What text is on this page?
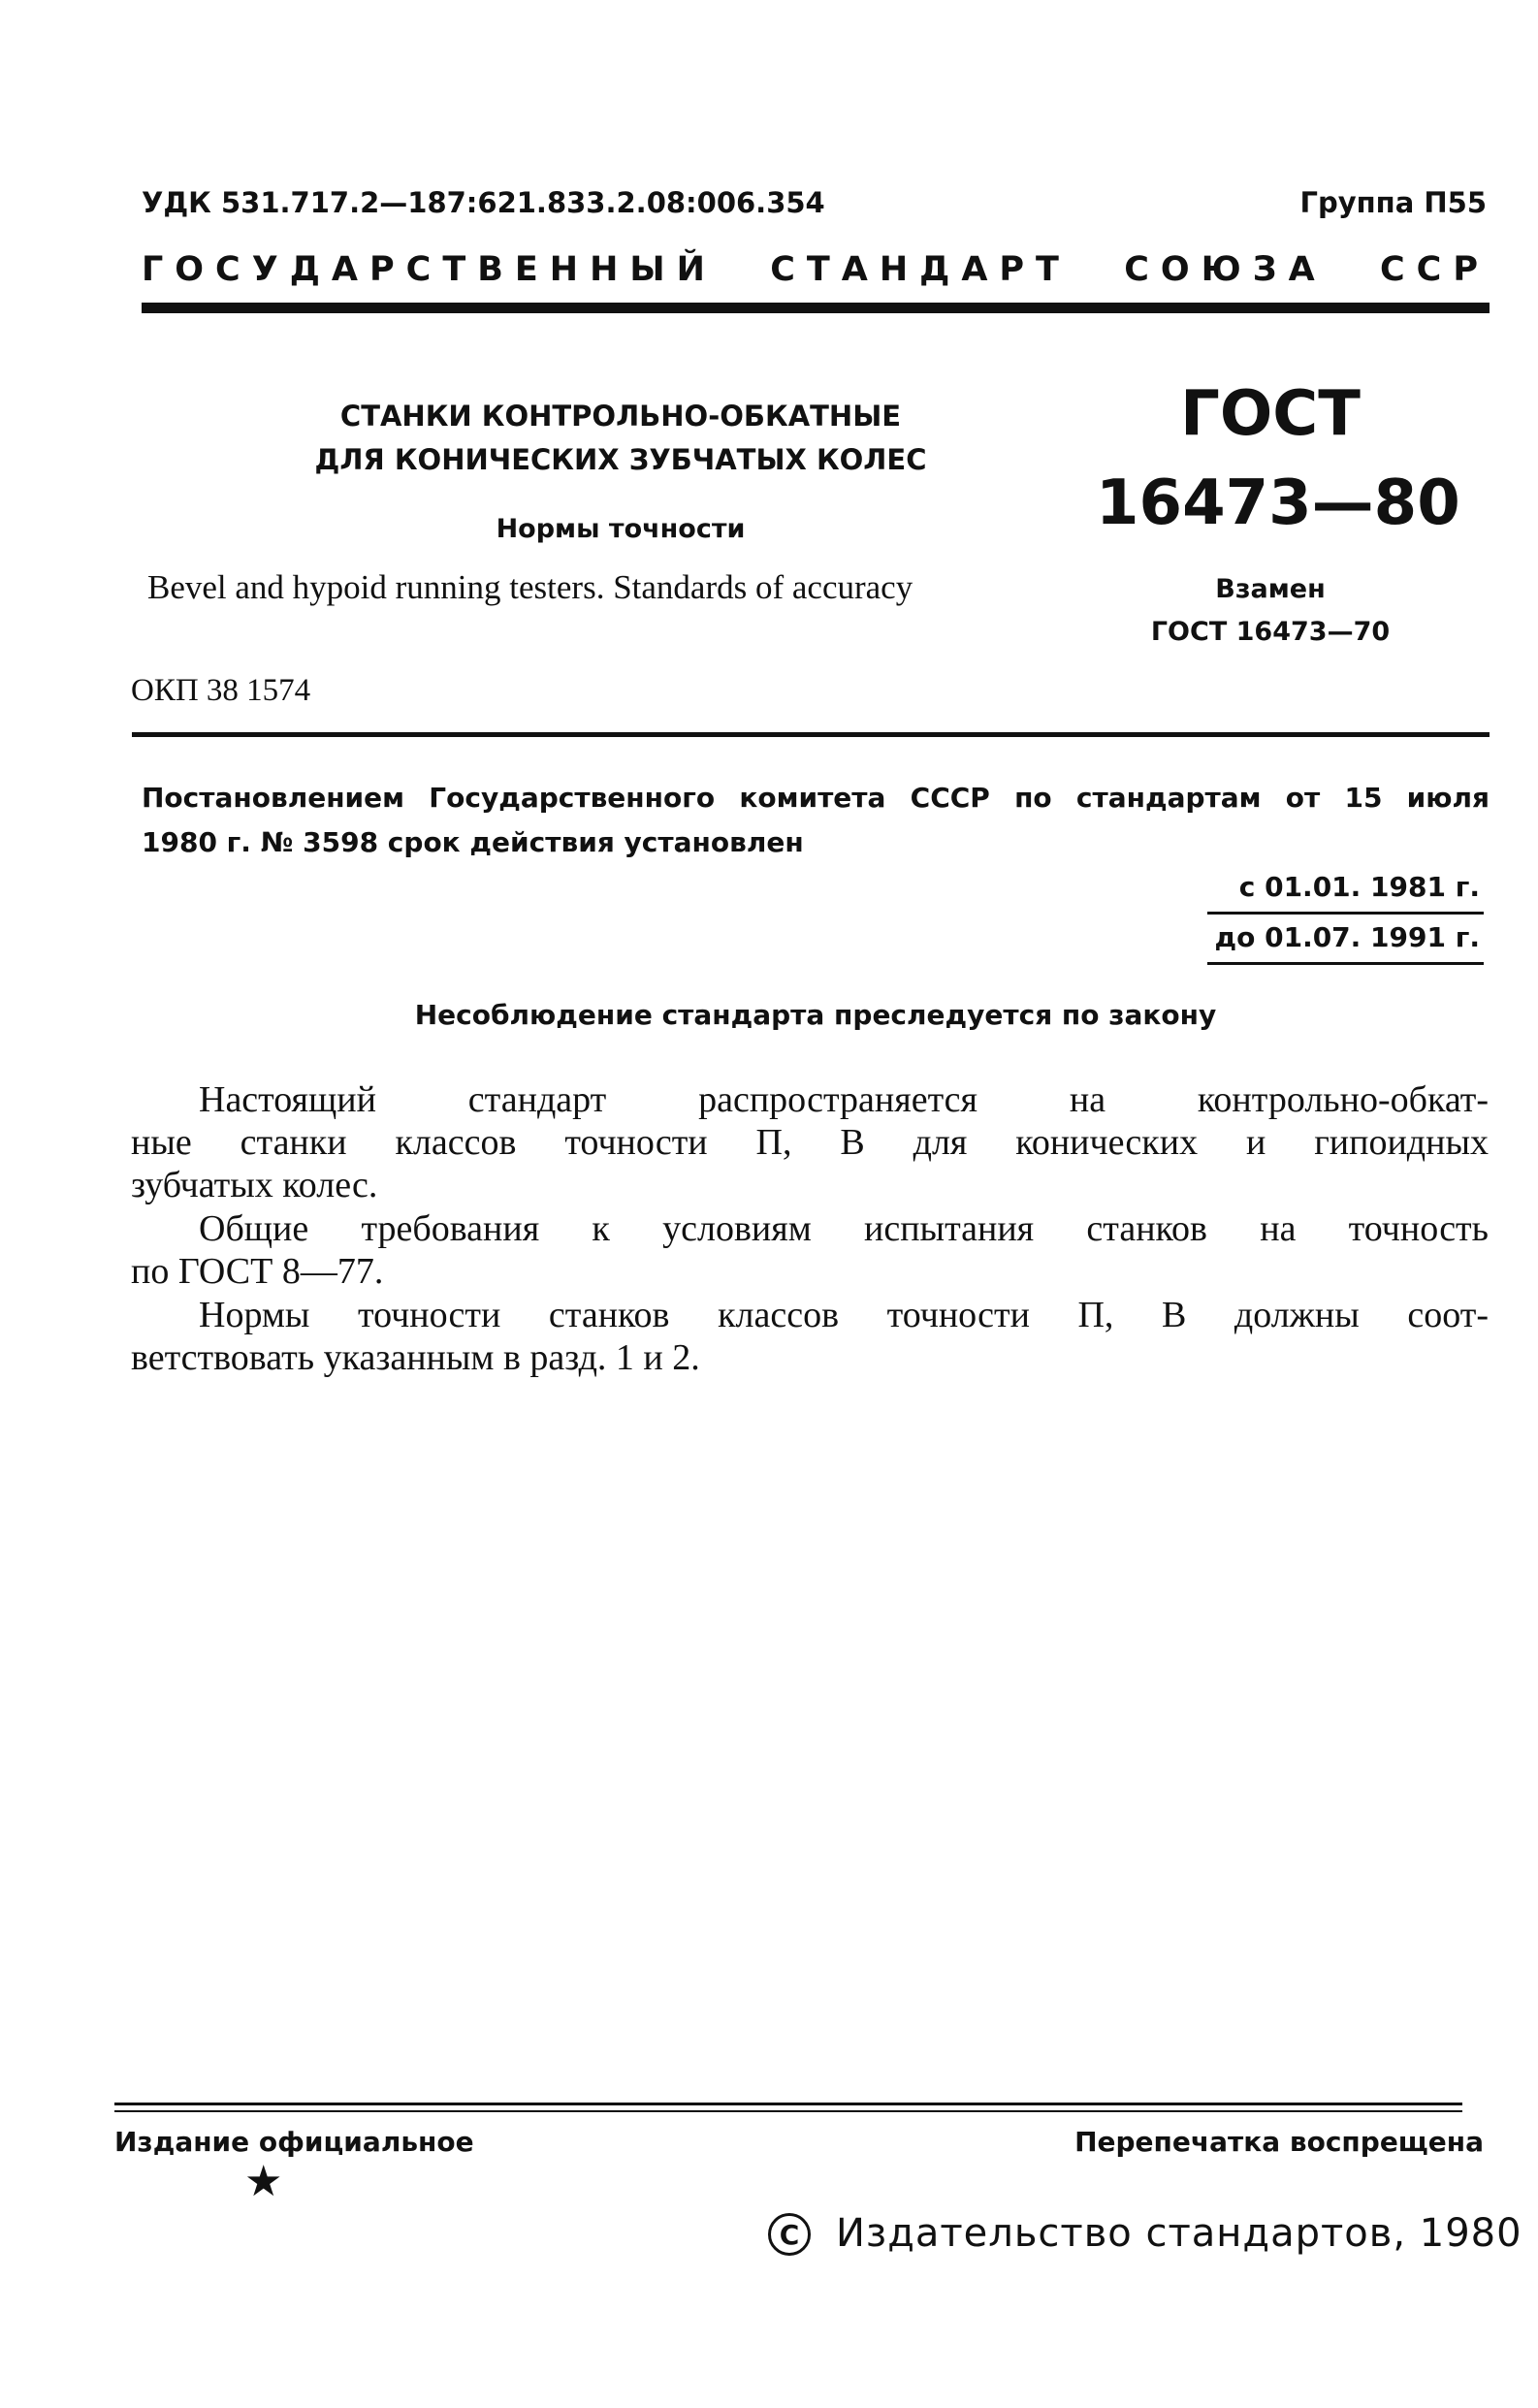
УДК 531.717.2—187:621.833.2.08:006.354	Группа П55
ГОСУДАРСТВЕННЫЙ СТАНДАРТ СОЮЗА ССР
СТАНКИ КОНТРОЛЬНО-ОБКАТНЫЕ
ДЛЯ КОНИЧЕСКИХ ЗУБЧАТЫХ КОЛЕС
Нормы точности
Bevel and hypoid running testers. Standards of accuracy
ГОСТ
16473—80
Взамен
ГОСТ 16473—70
ОКП 38 1574
Постановлением Государственного комитета СССР по стандартам от 15 июля
1980 г. № 3598 срок действия установлен
с 01.01. 1981 г.
до 01.07. 1991 г.
Несоблюдение стандарта преследуется по закону
Настоящий стандарт распространяется на контрольно-обкат-
ные станки классов точности П, В для конических и гипоидных
зубчатых колес.
Общие требования к условиям испытания станков на точность
по ГОСТ 8—77.
Нормы точности станков классов точности П, В должны соот-
ветствовать указанным в разд. 1 и 2.
Издание официальное	Перепечатка воспрещена
★
С Издательство стандартов, 1980
